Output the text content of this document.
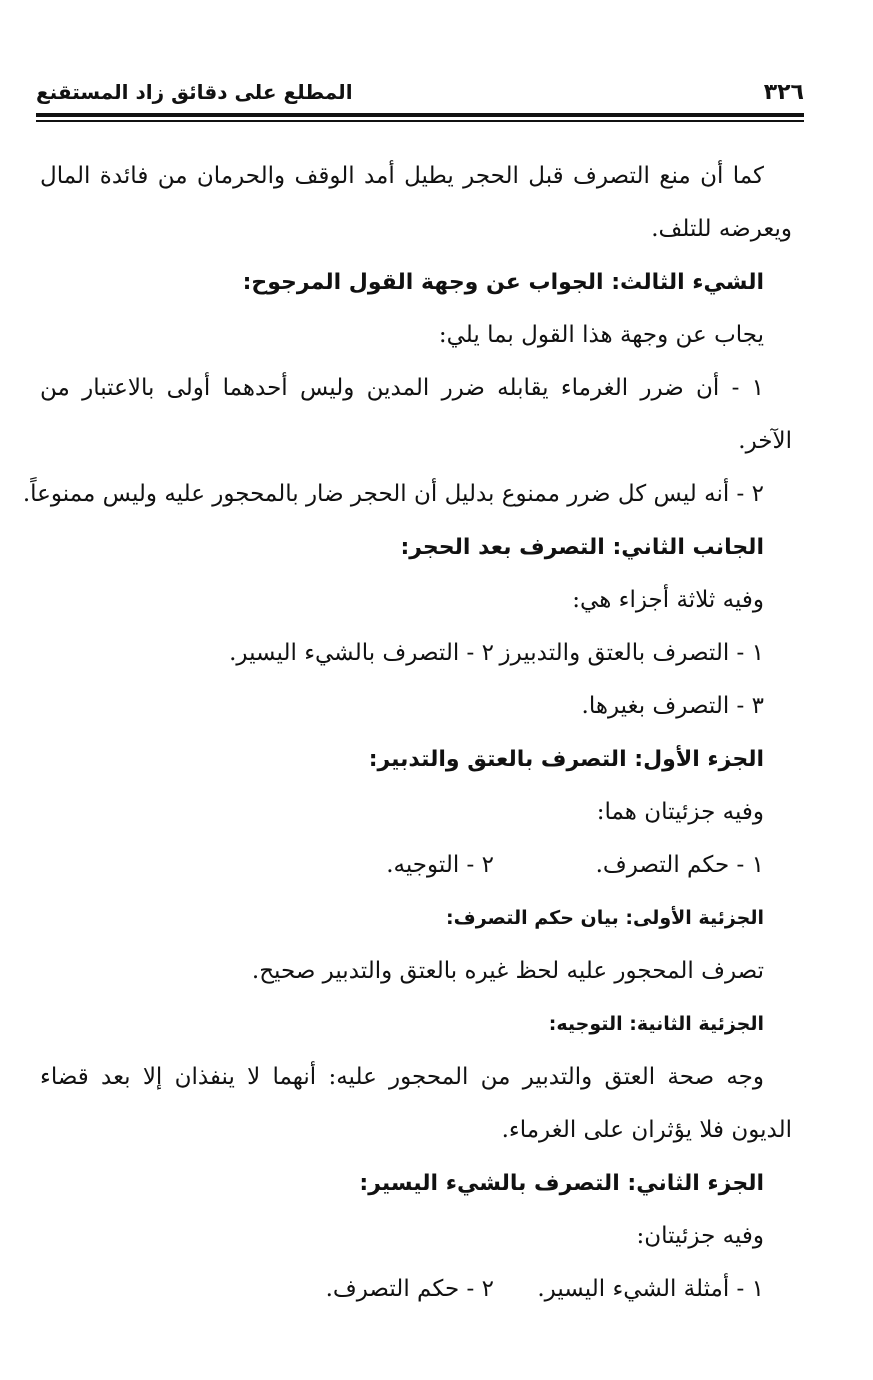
٣٢٦
المطلع على دقائق زاد المستقنع
كما أن منع التصرف قبل الحجر يطيل أمد الوقف والحرمان من فائدة المال
ويعرضه للتلف.
الشيء الثالث: الجواب عن وجهة القول المرجوح:
يجاب عن وجهة هذا القول بما يلي:
١ - أن ضرر الغرماء يقابله ضرر المدين وليس أحدهما أولى بالاعتبار من
الآخر.
٢ - أنه ليس كل ضرر ممنوع بدليل أن الحجر ضار بالمحجور عليه وليس ممنوعاً.
الجانب الثاني: التصرف بعد الحجر:
وفيه ثلاثة أجزاء هي:
١ - التصرف بالعتق والتدبيرز٢ - التصرف بالشيء اليسير.
٣ - التصرف بغيرها.
الجزء الأول: التصرف بالعتق والتدبير:
وفيه جزئيتان هما:
١ - حكم التصرف.٢ - التوجيه.
الجزئية الأولى: بيان حكم التصرف:
تصرف المحجور عليه لحظ غيره بالعتق والتدبير صحيح.
الجزئية الثانية: التوجيه:
وجه صحة العتق والتدبير من المحجور عليه: أنهما لا ينفذان إلا بعد قضاء
الديون فلا يؤثران على الغرماء.
الجزء الثاني: التصرف بالشيء اليسير:
وفيه جزئيتان:
١ - أمثلة الشيء اليسير.٢ - حكم التصرف.
